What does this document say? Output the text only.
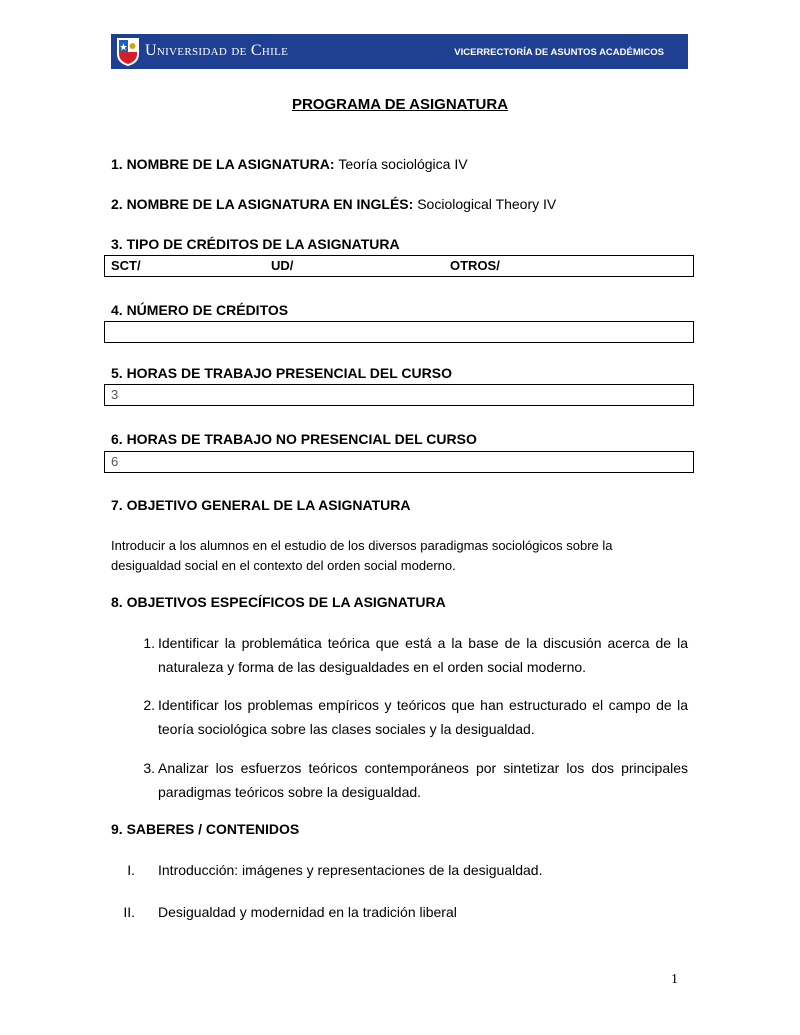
Universidad de Chile	VICERRECTORÍA DE ASUNTOS ACADÉMICOS
PROGRAMA DE ASIGNATURA
1. NOMBRE DE LA ASIGNATURA: Teoría sociológica IV
2. NOMBRE DE LA ASIGNATURA EN INGLÉS: Sociological Theory IV
3. TIPO DE CRÉDITOS DE LA ASIGNATURA
SCT/	UD/	OTROS/
4. NÚMERO DE CRÉDITOS
5. HORAS DE TRABAJO PRESENCIAL DEL CURSO
3
6. HORAS DE TRABAJO NO PRESENCIAL DEL CURSO
6
7. OBJETIVO GENERAL DE LA ASIGNATURA
Introducir a los alumnos en el estudio de los diversos paradigmas sociológicos sobre la
desigualdad social en el contexto del orden social moderno.
8. OBJETIVOS ESPECÍFICOS DE LA ASIGNATURA
1. Identificar la problemática teórica que está a la base de la discusión acerca de la naturaleza y forma de las desigualdades en el orden social moderno.
2. Identificar los problemas empíricos y teóricos que han estructurado el campo de la teoría sociológica sobre las clases sociales y la desigualdad.
3. Analizar los esfuerzos teóricos contemporáneos por sintetizar los dos principales paradigmas teóricos sobre la desigualdad.
9. SABERES / CONTENIDOS
I. Introducción: imágenes y representaciones de la desigualdad.
II. Desigualdad y modernidad en la tradición liberal
1
